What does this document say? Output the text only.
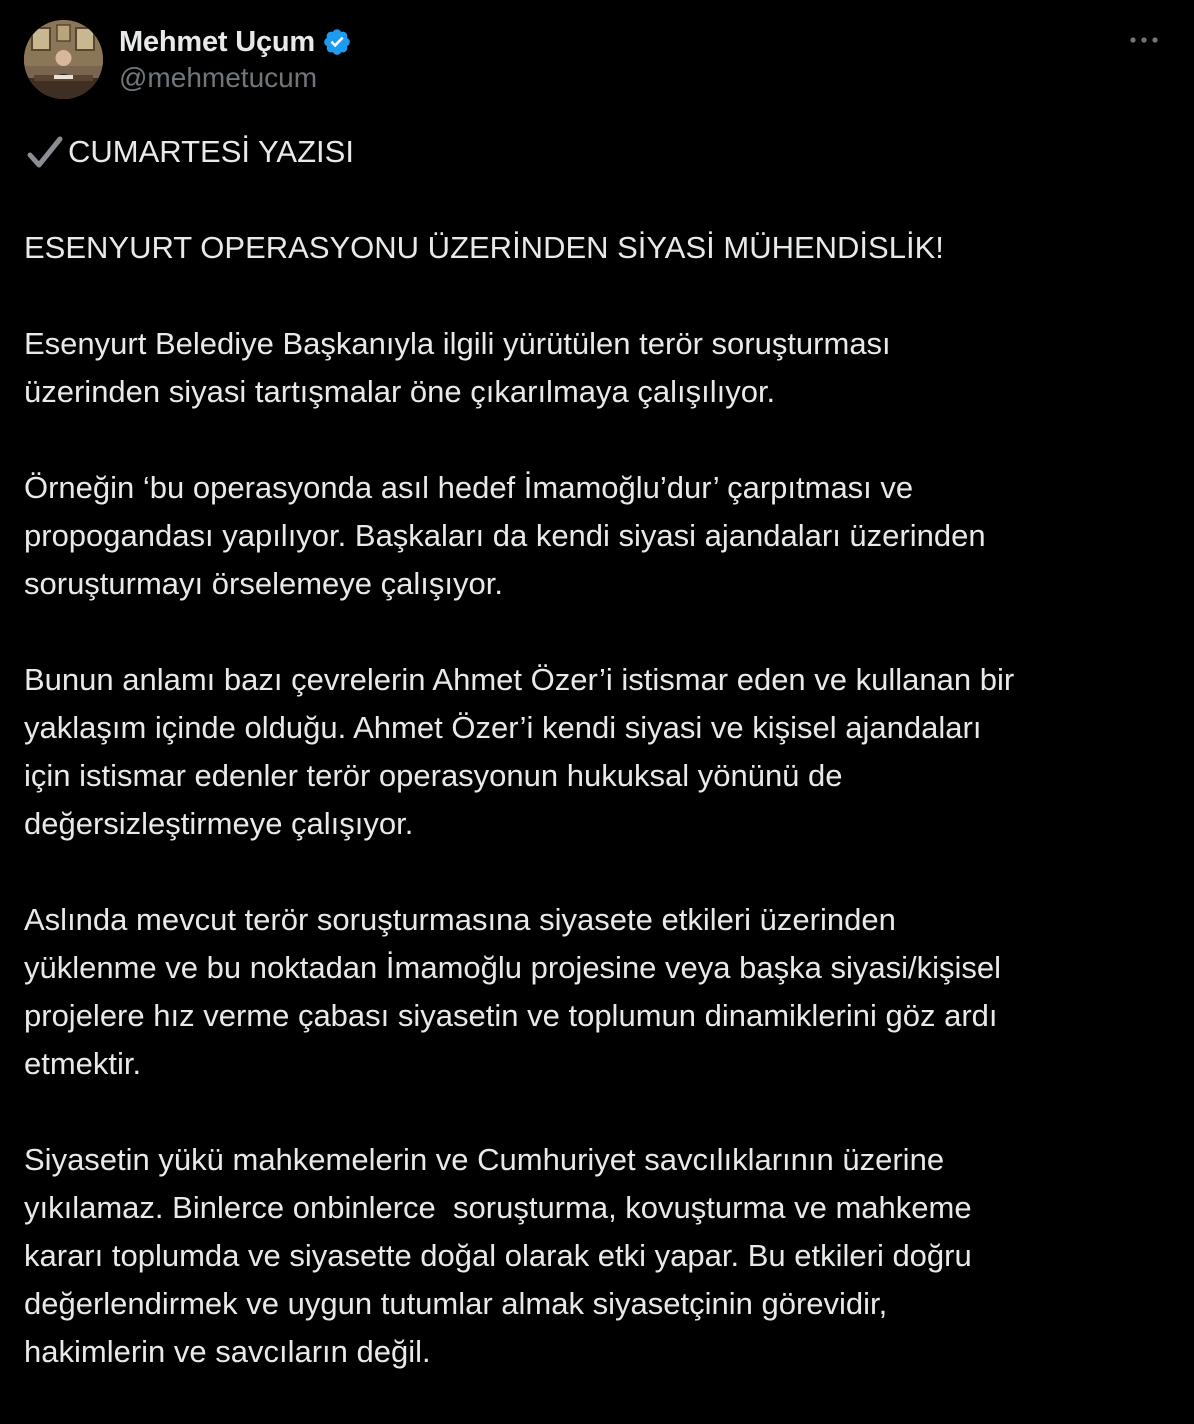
Mehmet Uçum
@mehmetucum
CUMARTESİ YAZISI
ESENYURT OPERASYONU ÜZERİNDEN SİYASİ MÜHENDİSLİK!
Esenyurt Belediye Başkanıyla ilgili yürütülen terör soruşturması
üzerinden siyasi tartışmalar öne çıkarılmaya çalışılıyor.
Örneğin ‘bu operasyonda asıl hedef İmamoğlu’dur’ çarpıtması ve
propogandası yapılıyor. Başkaları da kendi siyasi ajandaları üzerinden
soruşturmayı örselemeye çalışıyor.
Bunun anlamı bazı çevrelerin Ahmet Özer’i istismar eden ve kullanan bir
yaklaşım içinde olduğu. Ahmet Özer’i kendi siyasi ve kişisel ajandaları
için istismar edenler terör operasyonun hukuksal yönünü de
değersizleştirmeye çalışıyor.
Aslında mevcut terör soruşturmasına siyasete etkileri üzerinden
yüklenme ve bu noktadan İmamoğlu projesine veya başka siyasi/kişisel
projelere hız verme çabası siyasetin ve toplumun dinamiklerini göz ardı
etmektir.
Siyasetin yükü mahkemelerin ve Cumhuriyet savcılıklarının üzerine
yıkılamaz. Binlerce onbinlerce  soruşturma, kovuşturma ve mahkeme
kararı toplumda ve siyasette doğal olarak etki yapar. Bu etkileri doğru
değerlendirmek ve uygun tutumlar almak siyasetçinin görevidir,
hakimlerin ve savcıların değil.
